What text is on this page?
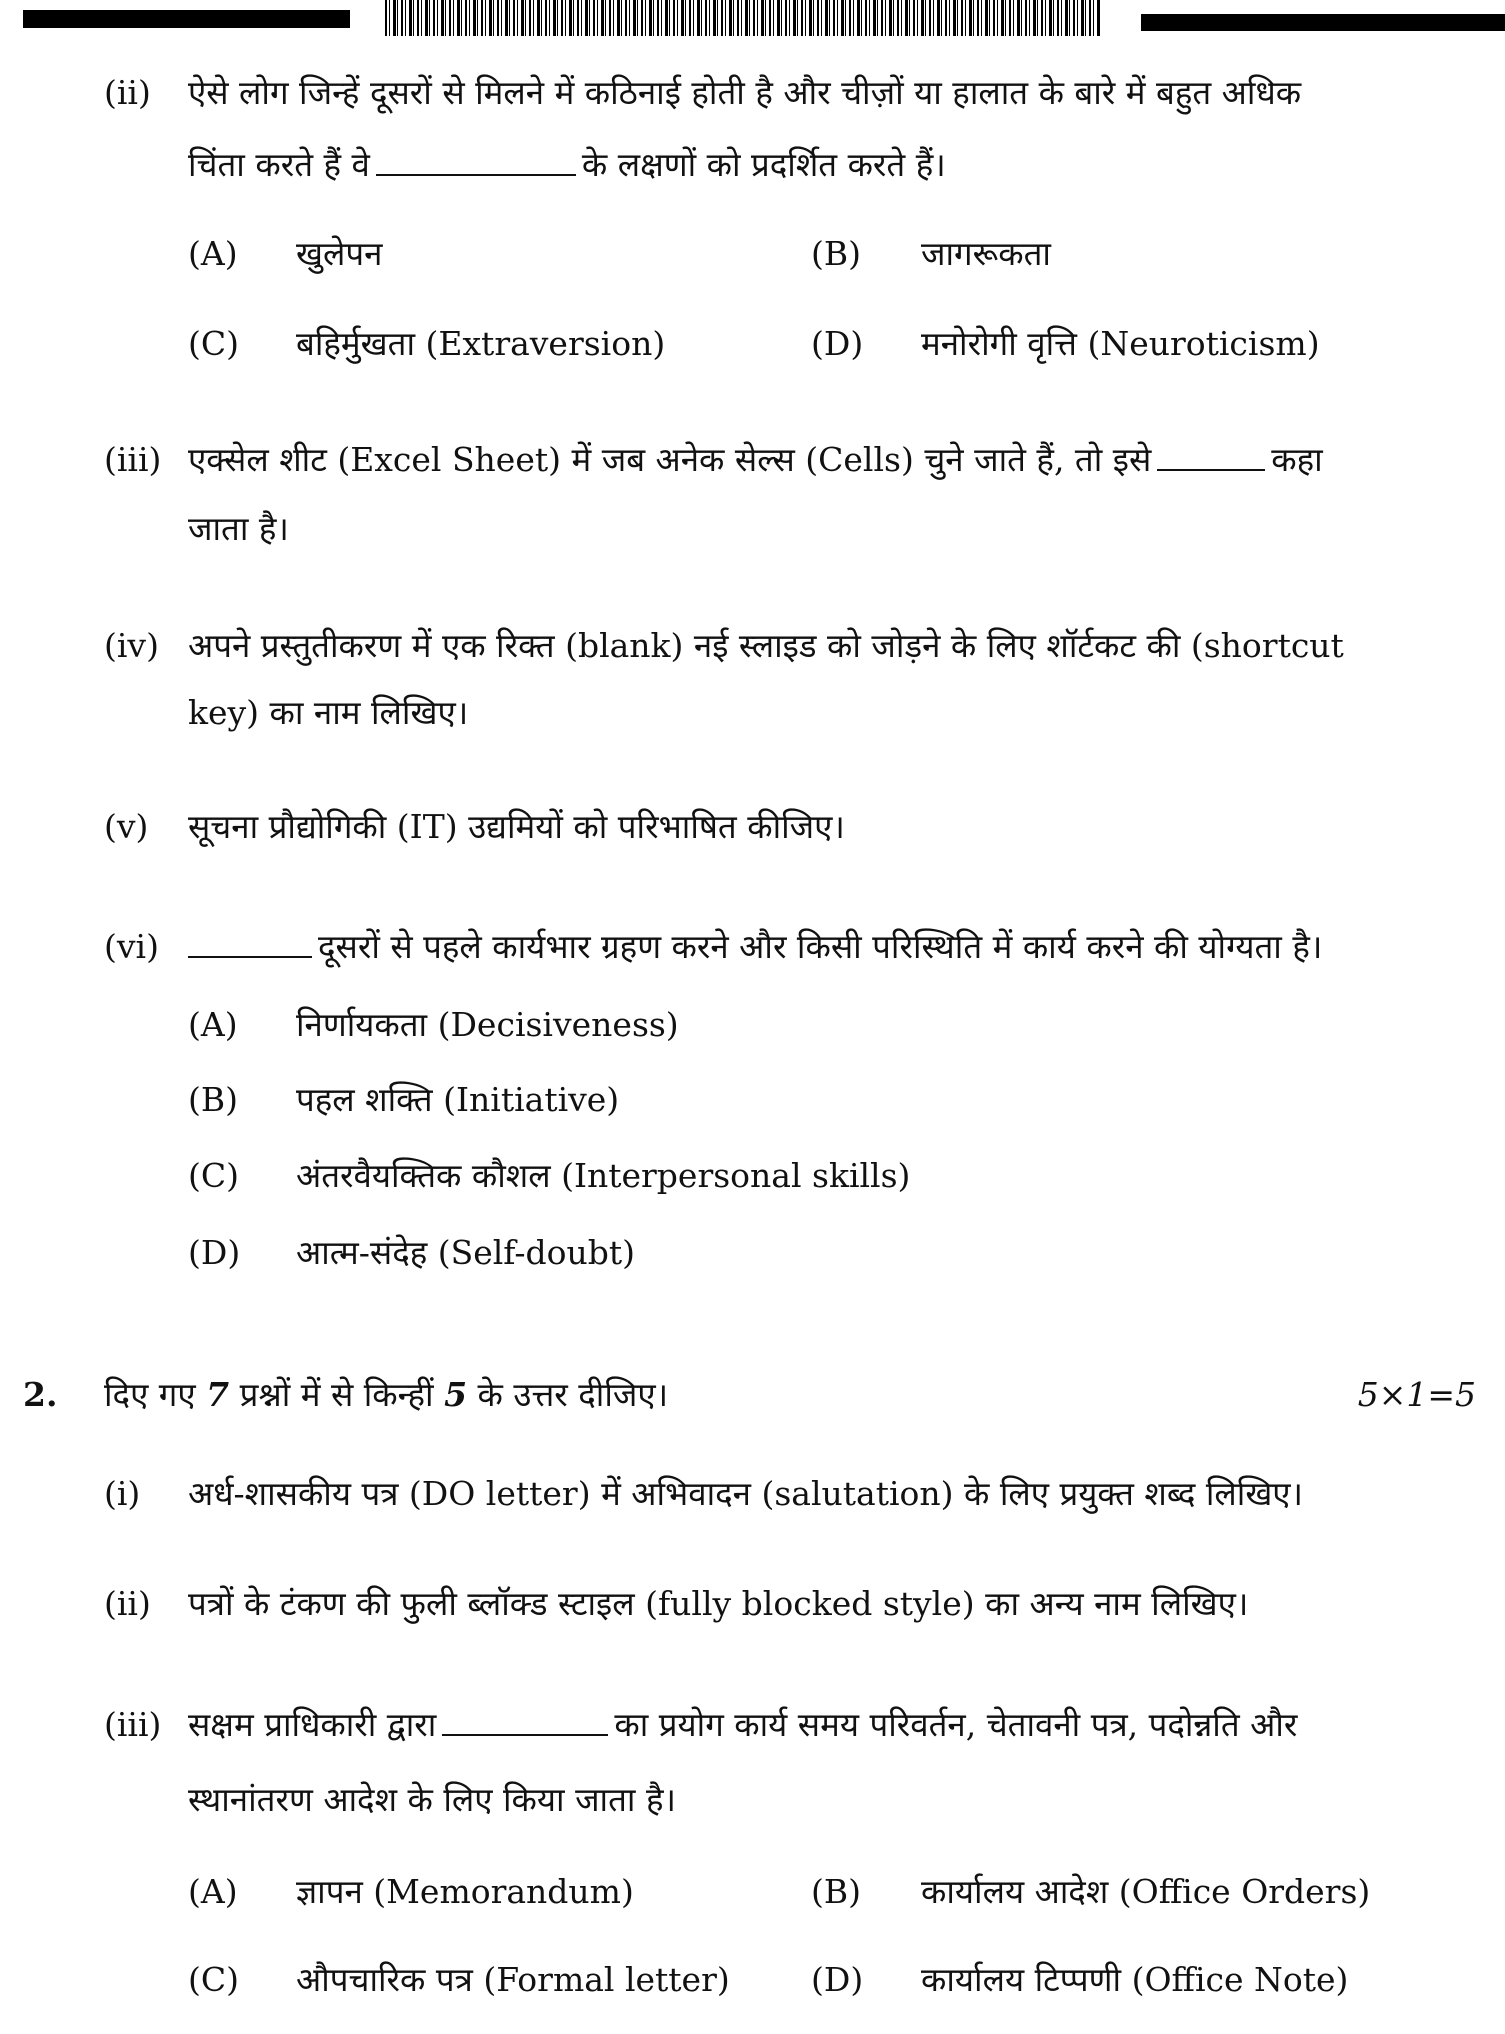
(ii) ऐसे लोग जिन्हें दूसरों से मिलने में कठिनाई होती है और चीज़ों या हालात के बारे में बहुत अधिक
चिंता करते हैं वे	के लक्षणों को प्रदर्शित करते हैं।
(A) खुलेपन	(B) जागरूकता
(C) बहिर्मुखता (Extraversion)	(D) मनोरोगी वृत्ति (Neuroticism)
(iii) एक्सेल शीट (Excel Sheet) में जब अनेक सेल्स (Cells) चुने जाते हैं, तो इसे	कहा
जाता है।
(iv) अपने प्रस्तुतीकरण में एक रिक्त (blank) नई स्लाइड को जोड़ने के लिए शॉर्टकट की (shortcut
key) का नाम लिखिए।
(v) सूचना प्रौद्योगिकी (IT) उद्यमियों को परिभाषित कीजिए।
(vi)	दूसरों से पहले कार्यभार ग्रहण करने और किसी परिस्थिति में कार्य करने की योग्यता है।
(A) निर्णायकता (Decisiveness)
(B) पहल शक्ति (Initiative)
(C) अंतरवैयक्तिक कौशल (Interpersonal skills)
(D) आत्म-संदेह (Self-doubt)
2. दिए गए 7 प्रश्नों में से किन्हीं 5 के उत्तर दीजिए।	5×1=5
(i) अर्ध-शासकीय पत्र (DO letter) में अभिवादन (salutation) के लिए प्रयुक्त शब्द लिखिए।
(ii) पत्रों के टंकण की फुली ब्लॉक्ड स्टाइल (fully blocked style) का अन्य नाम लिखिए।
(iii) सक्षम प्राधिकारी द्वारा	का प्रयोग कार्य समय परिवर्तन, चेतावनी पत्र, पदोन्नति और
स्थानांतरण आदेश के लिए किया जाता है।
(A) ज्ञापन (Memorandum)	(B) कार्यालय आदेश (Office Orders)
(C) औपचारिक पत्र (Formal letter) (D) कार्यालय टिप्पणी (Office Note)
